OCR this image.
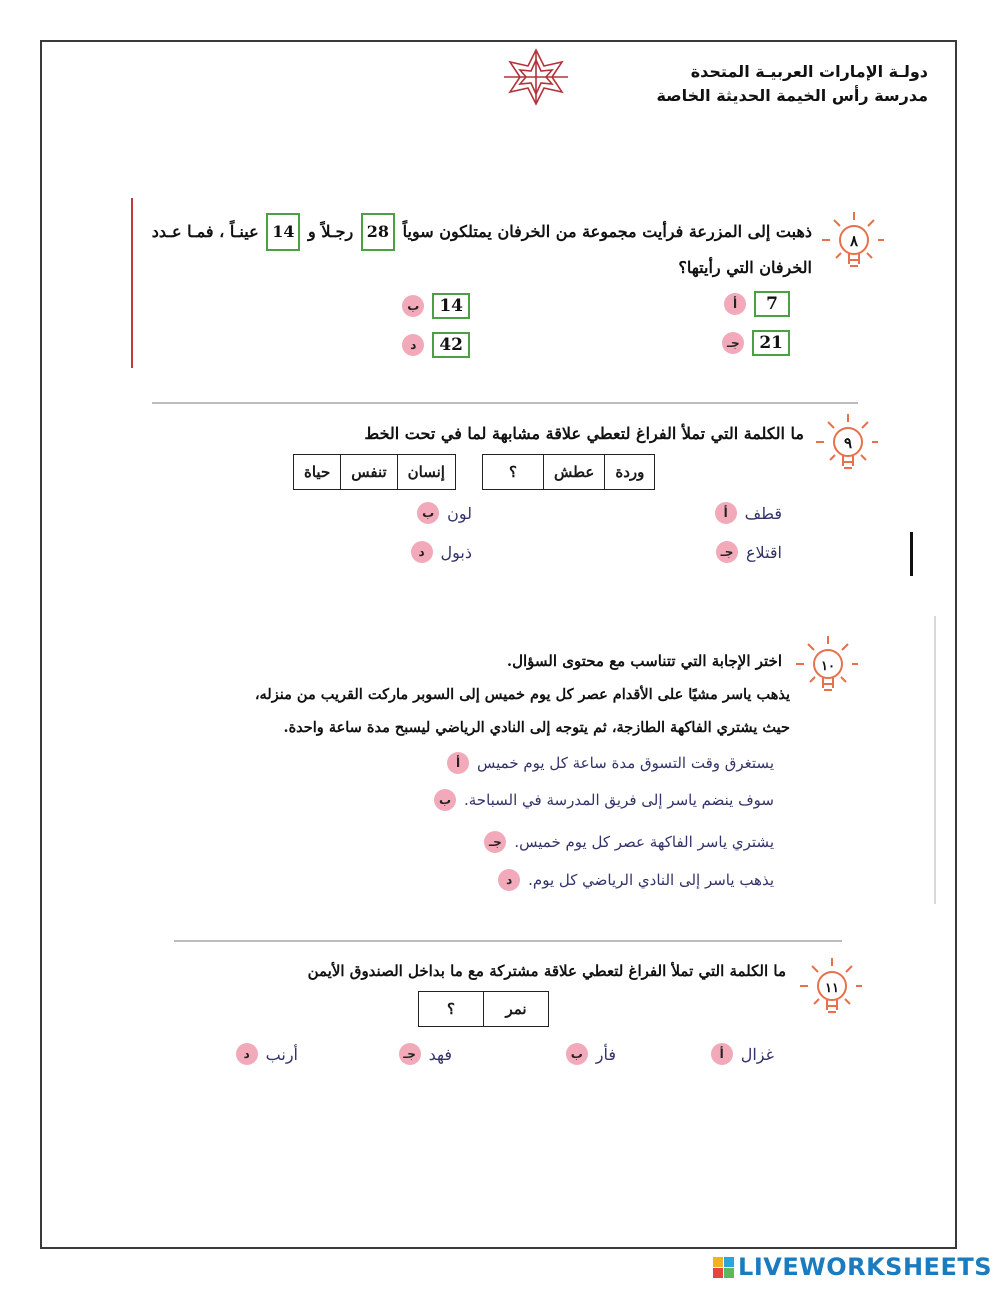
دولـة الإمارات العربيـة المتحدة
مدرسة رأس الخيمة الحديثة الخاصة
٨
ذهبت إلى المزرعة فرأيت مجموعة من الخرفان يمتلكون سوياً 28 رجـلاً و 14 عينـاً ، فمـا عـدد
الخرفان التي رأيتها؟
أ	7
ب	14
جـ	21
د	42
٩
ما الكلمة التي تملأ الفراغ لتعطي علاقة مشابهة لما في تحت الخط
وردة	عطش	؟
إنسان	تنفس	حياة
أ	قطف
ب لون
جـ اقتلاع
د ذبول
١٠
اختر الإجابة التي تتناسب مع محتوى السؤال.
يذهب ياسر مشيًا على الأقدام عصر كل يوم خميس إلى السوبر ماركت القريب من منزله،
حيث يشتري الفاكهة الطازجة، ثم يتوجه إلى النادي الرياضي ليسبح مدة ساعة واحدة.
أ	يستغرق وقت التسوق مدة ساعة كل يوم خميس
ب سوف ينضم ياسر إلى فريق المدرسة في السباحة.
جـ يشتري ياسر الفاكهة عصر كل يوم خميس.
د	يذهب ياسر إلى النادي الرياضي كل يوم.
١١
ما الكلمة التي تملأ الفراغ لتعطي علاقة مشتركة مع ما بداخل الصندوق الأيمن
نمر	؟
أ	غزال
ب فأر
جـ فهد
د أرنب
LIVEWORKSHEETS
